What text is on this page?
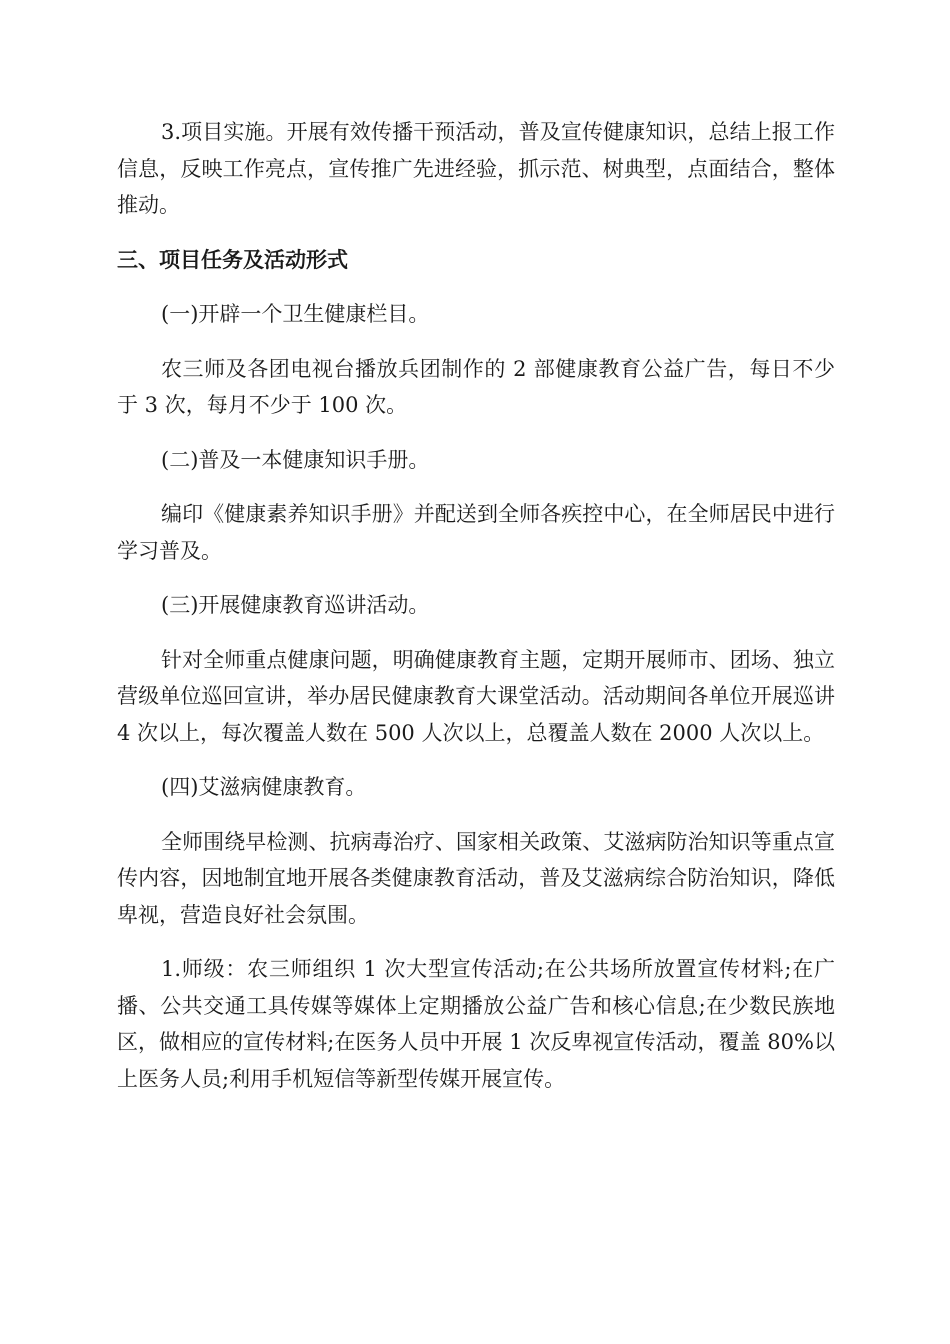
3.项目实施。开展有效传播干预活动，普及宣传健康知识，总结上报工作信息，反映工作亮点，宣传推广先进经验，抓示范、树典型，点面结合，整体推动。

三、项目任务及活动形式

(一)开辟一个卫生健康栏目。

农三师及各团电视台播放兵团制作的 2 部健康教育公益广告，每日不少于 3 次，每月不少于 100 次。

(二)普及一本健康知识手册。

编印《健康素养知识手册》并配送到全师各疾控中心，在全师居民中进行学习普及。

(三)开展健康教育巡讲活动。

针对全师重点健康问题，明确健康教育主题，定期开展师市、团场、独立营级单位巡回宣讲，举办居民健康教育大课堂活动。活动期间各单位开展巡讲 4 次以上，每次覆盖人数在 500 人次以上，总覆盖人数在 2000 人次以上。

(四)艾滋病健康教育。

全师围绕早检测、抗病毒治疗、国家相关政策、艾滋病防治知识等重点宣传内容，因地制宜地开展各类健康教育活动，普及艾滋病综合防治知识，降低卑视，营造良好社会氛围。

1.师级：农三师组织 1 次大型宣传活动;在公共场所放置宣传材料;在广播、公共交通工具传媒等媒体上定期播放公益广告和核心信息;在少数民族地区，做相应的宣传材料;在医务人员中开展 1 次反卑视宣传活动，覆盖 80%以上医务人员;利用手机短信等新型传媒开展宣传。
